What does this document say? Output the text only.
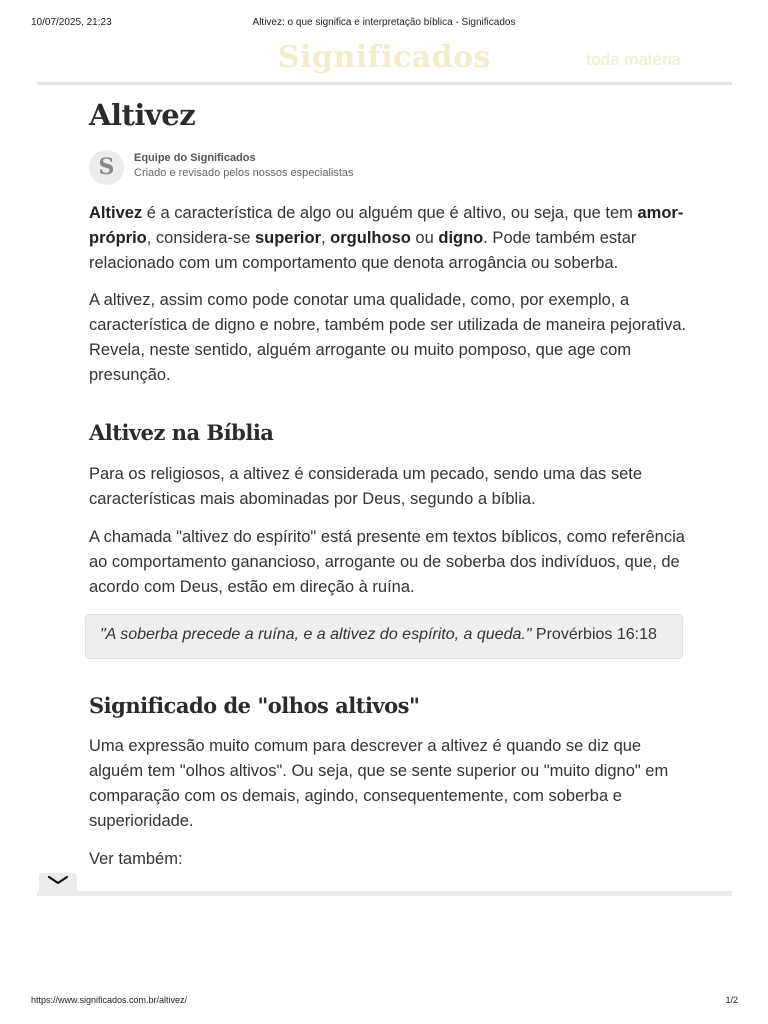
10/07/2025, 21:23	Altivez: o que significa e interpretação bíblica - Significados
Significados	toda matéria
Altivez
S	Equipe do Significados
Criado e revisado pelos nossos especialistas

Altivez é a característica de algo ou alguém que é altivo, ou seja, que tem amor-próprio, considera-se superior, orgulhoso ou digno. Pode também estar relacionado com um comportamento que denota arrogância ou soberba.

A altivez, assim como pode conotar uma qualidade, como, por exemplo, a característica de digno e nobre, também pode ser utilizada de maneira pejorativa. Revela, neste sentido, alguém arrogante ou muito pomposo, que age com presunção.

Altivez na Bíblia

Para os religiosos, a altivez é considerada um pecado, sendo uma das sete características mais abominadas por Deus, segundo a bíblia.

A chamada "altivez do espírito" está presente em textos bíblicos, como referência ao comportamento ganancioso, arrogante ou de soberba dos indivíduos, que, de acordo com Deus, estão em direção à ruína.

"A soberba precede a ruína, e a altivez do espírito, a queda." Provérbios 16:18
Significado de "olhos altivos"

Uma expressão muito comum para descrever a altivez é quando se diz que alguém tem "olhos altivos". Ou seja, que se sente superior ou "muito digno" em comparação com os demais, agindo, consequentemente, com soberba e superioridade.

Ver também:

https://www.significados.com.br/altivez/	1/2
